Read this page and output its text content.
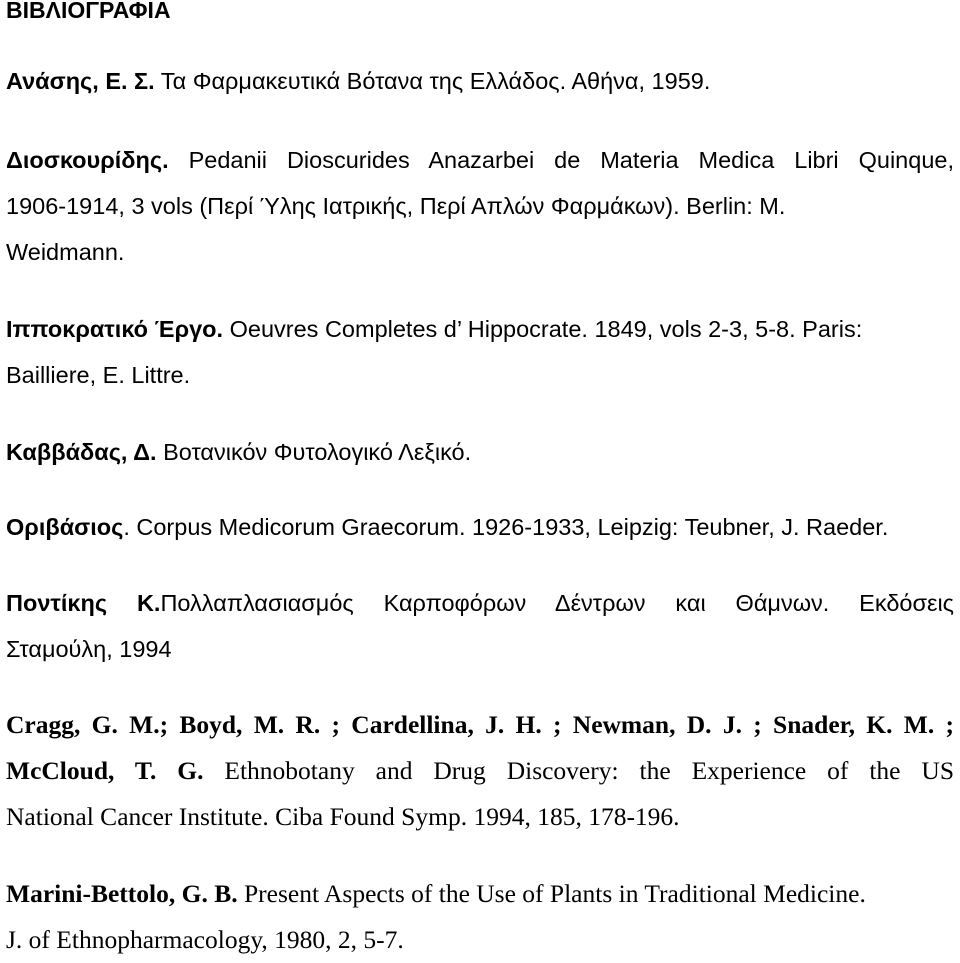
ΒΙΒΛΙΟΓΡΑΦΙΑ
Ανάσης, Ε. Σ. Τα Φαρμακευτικά Βότανα της Ελλάδος. Αθήνα, 1959.
Διοσκουρίδης. Pedanii Dioscurides Anazarbei de Materia Medica Libri Quinque,
1906-1914, 3 vols (Περί Ύλης Ιατρικής, Περί Απλών Φαρμάκων). Berlin: M.
Weidmann.
Ιπποκρατικό Έργο. Oeuvres Completes d’ Hippocrate. 1849, vols 2-3, 5-8. Paris:
Bailliere, E. Littre.
Καββάδας, Δ. Βοτανικόν Φυτολογικό Λεξικό.
Οριβάσιος. Corpus Medicorum Graecorum. 1926-1933, Leipzig: Teubner, J. Raeder.
Ποντίκης Κ.Πολλαπλασιασμός Καρποφόρων Δέντρων και Θάμνων. Εκδόσεις
Σταμούλη, 1994
Cragg, G. M.; Boyd, M. R. ; Cardellina, J. H. ; Newman, D. J. ; Snader, K. M. ;
McCloud, T. G. Ethnobotany and Drug Discovery: the Experience of the US
National Cancer Institute. Ciba Found Symp. 1994, 185, 178-196.
Marini-Bettolo, G. B. Present Aspects of the Use of Plants in Traditional Medicine.
J. of Ethnopharmacology, 1980, 2, 5-7.
